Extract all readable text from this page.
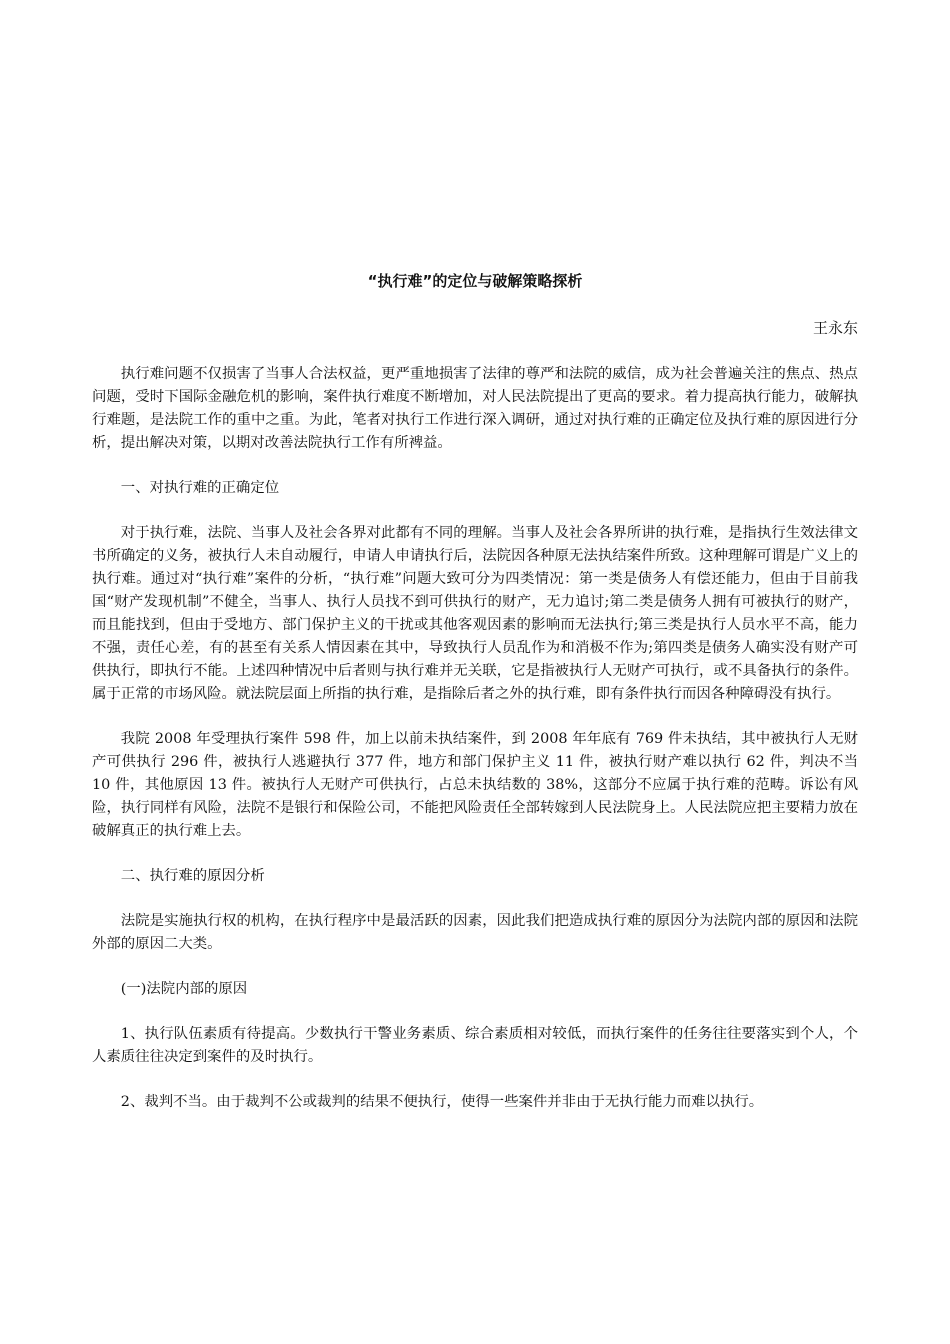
“执行难”的定位与破解策略探析
王永东

执行难问题不仅损害了当事人合法权益，更严重地损害了法律的尊严和法院的威信，成为社会普遍关注的焦点、热点问题，受时下国际金融危机的影响，案件执行难度不断增加，对人民法院提出了更高的要求。着力提高执行能力，破解执行难题，是法院工作的重中之重。为此，笔者对执行工作进行深入调研，通过对执行难的正确定位及执行难的原因进行分析，提出解决对策，以期对改善法院执行工作有所裨益。

一、对执行难的正确定位

对于执行难，法院、当事人及社会各界对此都有不同的理解。当事人及社会各界所讲的执行难，是指执行生效法律文书所确定的义务，被执行人未自动履行，申请人申请执行后，法院因各种原无法执结案件所致。这种理解可谓是广义上的执行难。通过对“执行难”案件的分析，“执行难”问题大致可分为四类情况：第一类是债务人有偿还能力，但由于目前我国“财产发现机制”不健全，当事人、执行人员找不到可供执行的财产，无力追讨;第二类是债务人拥有可被执行的财产，而且能找到，但由于受地方、部门保护主义的干扰或其他客观因素的影响而无法执行;第三类是执行人员水平不高，能力不强，责任心差，有的甚至有关系人情因素在其中，导致执行人员乱作为和消极不作为;第四类是债务人确实没有财产可供执行，即执行不能。上述四种情况中后者则与执行难并无关联，它是指被执行人无财产可执行，或不具备执行的条件。属于正常的市场风险。就法院层面上所指的执行难，是指除后者之外的执行难，即有条件执行而因各种障碍没有执行。

我院 2008 年受理执行案件 598 件，加上以前未执结案件，到 2008 年年底有 769 件未执结，其中被执行人无财产可供执行 296 件，被执行人逃避执行 377 件，地方和部门保护主义 11 件，被执行财产难以执行 62 件，判决不当 10 件，其他原因 13 件。被执行人无财产可供执行，占总未执结数的 38%，这部分不应属于执行难的范畴。诉讼有风险，执行同样有风险，法院不是银行和保险公司，不能把风险责任全部转嫁到人民法院身上。人民法院应把主要精力放在破解真正的执行难上去。

二、执行难的原因分析

法院是实施执行权的机构，在执行程序中是最活跃的因素，因此我们把造成执行难的原因分为法院内部的原因和法院外部的原因二大类。

(一)法院内部的原因

1、执行队伍素质有待提高。少数执行干警业务素质、综合素质相对较低，而执行案件的任务往往要落实到个人，个人素质往往决定到案件的及时执行。

2、裁判不当。由于裁判不公或裁判的结果不便执行，使得一些案件并非由于无执行能力而难以执行。
